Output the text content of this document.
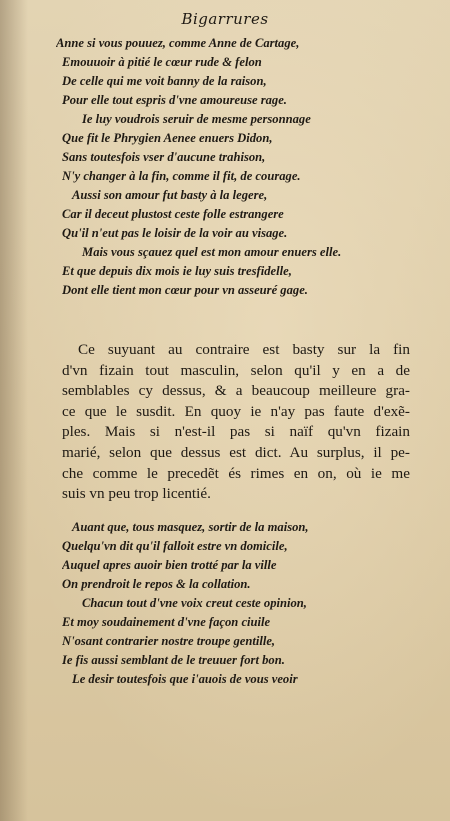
Bigarrures
Anne si vous pouuez, comme Anne de Cartage,
Emouuoir à pitié le cœur rude & felon
De celle qui me voit banny de la raison,
Pour elle tout espris d'vne amoureuse rage.
Ie luy voudrois seruir de mesme personnage
Que fit le Phrygien Aenee enuers Didon,
Sans toutesfois vser d'aucune trahison,
N'y changer à la fin, comme il fit, de courage.
Aussi son amour fut basty à la legere,
Car il deceut plustost ceste folle estrangere
Qu'il n'eut pas le loisir de la voir au visage.
Mais vous sçauez quel est mon amour enuers elle.
Et que depuis dix mois ie luy suis tresfidelle,
Dont elle tient mon cœur pour vn asseuré gage.
Ce suyuant au contraire est basty sur la fin
d'vn fizain tout masculin, selon qu'il y en a de
semblables cy dessus, & a beaucoup meilleure gra-
ce que le susdit. En quoy ie n'ay pas faute d'exẽ-
ples. Mais si n'est-il pas si naïf qu'vn fizain
marié, selon que dessus est dict. Au surplus, il pe-
che comme le precedẽt és rimes en on, où ie me
suis vn peu trop licentié.
Auant que, tous masquez, sortir de la maison,
Quelqu'vn dit qu'il falloit estre vn domicile,
Auquel apres auoir bien trotté par la ville
On prendroit le repos & la collation.
Chacun tout d'vne voix creut ceste opinion,
Et moy soudainement d'vne façon ciuile
N'osant contrarier nostre troupe gentille,
Ie fis aussi semblant de le treuuer fort bon.
Le desir toutesfois que i'auois de vous veoir
